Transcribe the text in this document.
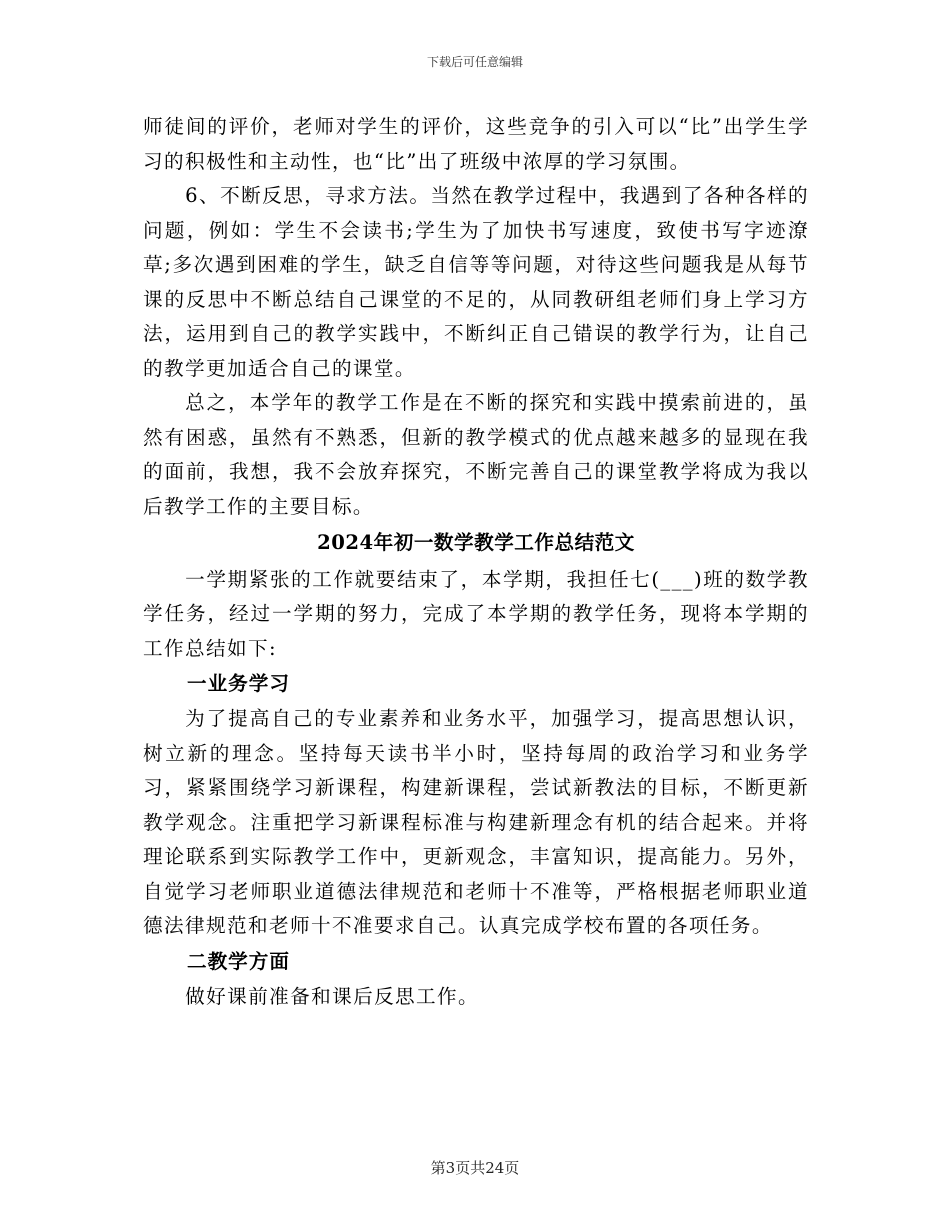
下载后可任意编辑

师徒间的评价，老师对学生的评价，这些竞争的引入可以“比”出学生学习的积极性和主动性，也“比”出了班级中浓厚的学习氛围。

6、不断反思，寻求方法。当然在教学过程中，我遇到了各种各样的问题，例如：学生不会读书;学生为了加快书写速度，致使书写字迹潦草;多次遇到困难的学生，缺乏自信等等问题，对待这些问题我是从每节课的反思中不断总结自己课堂的不足的，从同教研组老师们身上学习方法，运用到自己的教学实践中，不断纠正自己错误的教学行为，让自己的教学更加适合自己的课堂。

总之，本学年的教学工作是在不断的探究和实践中摸索前进的，虽然有困惑，虽然有不熟悉，但新的教学模式的优点越来越多的显现在我的面前，我想，我不会放弃探究，不断完善自己的课堂教学将成为我以后教学工作的主要目标。

2024年初一数学教学工作总结范文

一学期紧张的工作就要结束了，本学期，我担任七(___)班的数学教学任务，经过一学期的努力，完成了本学期的教学任务，现将本学期的工作总结如下:

一业务学习

为了提高自己的专业素养和业务水平，加强学习，提高思想认识，树立新的理念。坚持每天读书半小时，坚持每周的政治学习和业务学习，紧紧围绕学习新课程，构建新课程，尝试新教法的目标，不断更新教学观念。注重把学习新课程标准与构建新理念有机的结合起来。并将理论联系到实际教学工作中，更新观念，丰富知识，提高能力。另外，自觉学习老师职业道德法律规范和老师十不准等，严格根据老师职业道德法律规范和老师十不准要求自己。认真完成学校布置的各项任务。

二教学方面

做好课前准备和课后反思工作。

第3页共24页
